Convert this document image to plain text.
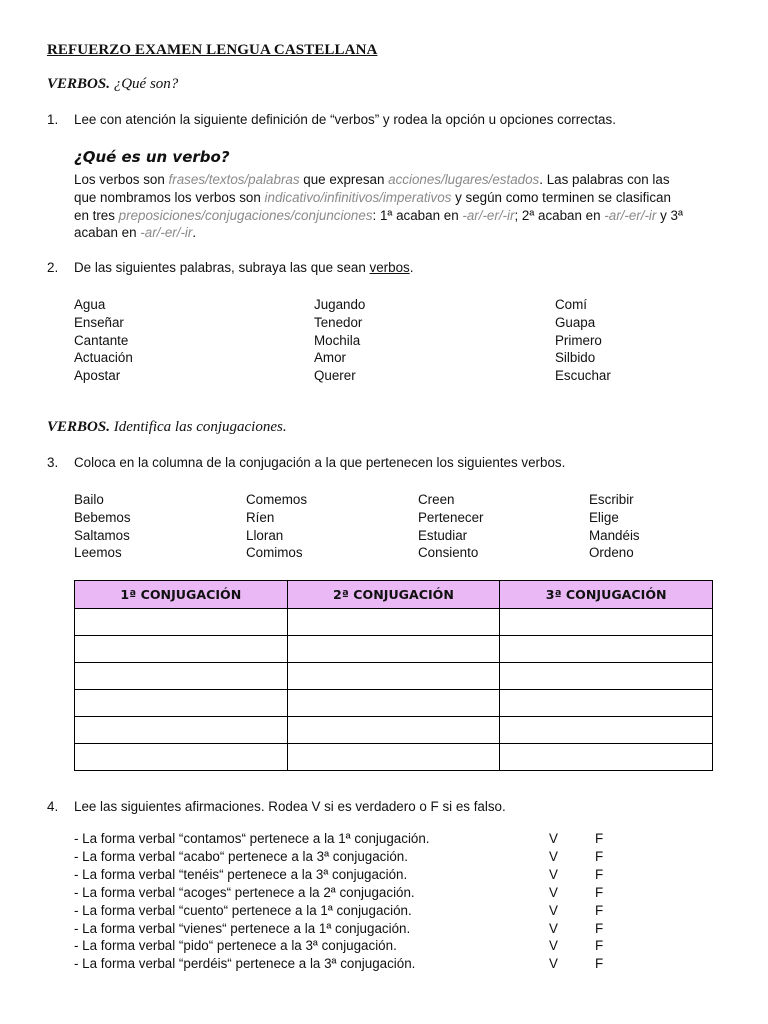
REFUERZO EXAMEN LENGUA CASTELLANA
VERBOS. ¿Qué son?
1. Lee con atención la siguiente definición de “verbos” y rodea la opción u opciones correctas.
¿Qué es un verbo?
Los verbos son frases/textos/palabras que expresan acciones/lugares/estados. Las palabras con las que nombramos los verbos son indicativo/infinitivos/imperativos y según como terminen se clasifican en tres preposiciones/conjugaciones/conjunciones: 1ª acaban en -ar/-er/-ir; 2ª acaban en -ar/-er/-ir y 3ª acaban en -ar/-er/-ir.
2. De las siguientes palabras, subraya las que sean verbos.
Agua
Enseñar
Cantante
Actuación
Apostar
Jugando
Tenedor
Mochila
Amor
Querer
Comí
Guapa
Primero
Silbido
Escuchar
VERBOS. Identifica las conjugaciones.
3. Coloca en la columna de la conjugación a la que pertenecen los siguientes verbos.
Bailo
Bebemos
Saltamos
Leemos
Comemos
Ríen
Lloran
Comimos
Creen
Pertenecer
Estudiar
Consiento
Escribir
Elige
Mandéis
Ordeno
1ª CONJUGACIÓN	2ª CONJUGACIÓN	3ª CONJUGACIÓN

4. Lee las siguientes afirmaciones. Rodea V si es verdadero o F si es falso.
- La forma verbal “contamos“ pertenece a la 1ª conjugación.	V	F
- La forma verbal “acabo“ pertenece a la 3ª conjugación.	V	F
- La forma verbal “tenéis“ pertenece a la 3ª conjugación.	V	F
- La forma verbal “acoges“ pertenece a la 2ª conjugación.	V	F
- La forma verbal “cuento“ pertenece a la 1ª conjugación.	V	F
- La forma verbal “vienes“ pertenece a la 1ª conjugación.	V	F
- La forma verbal “pido“ pertenece a la 3ª conjugación.	V	F
- La forma verbal “perdéis“ pertenece a la 3ª conjugación.	V	F
